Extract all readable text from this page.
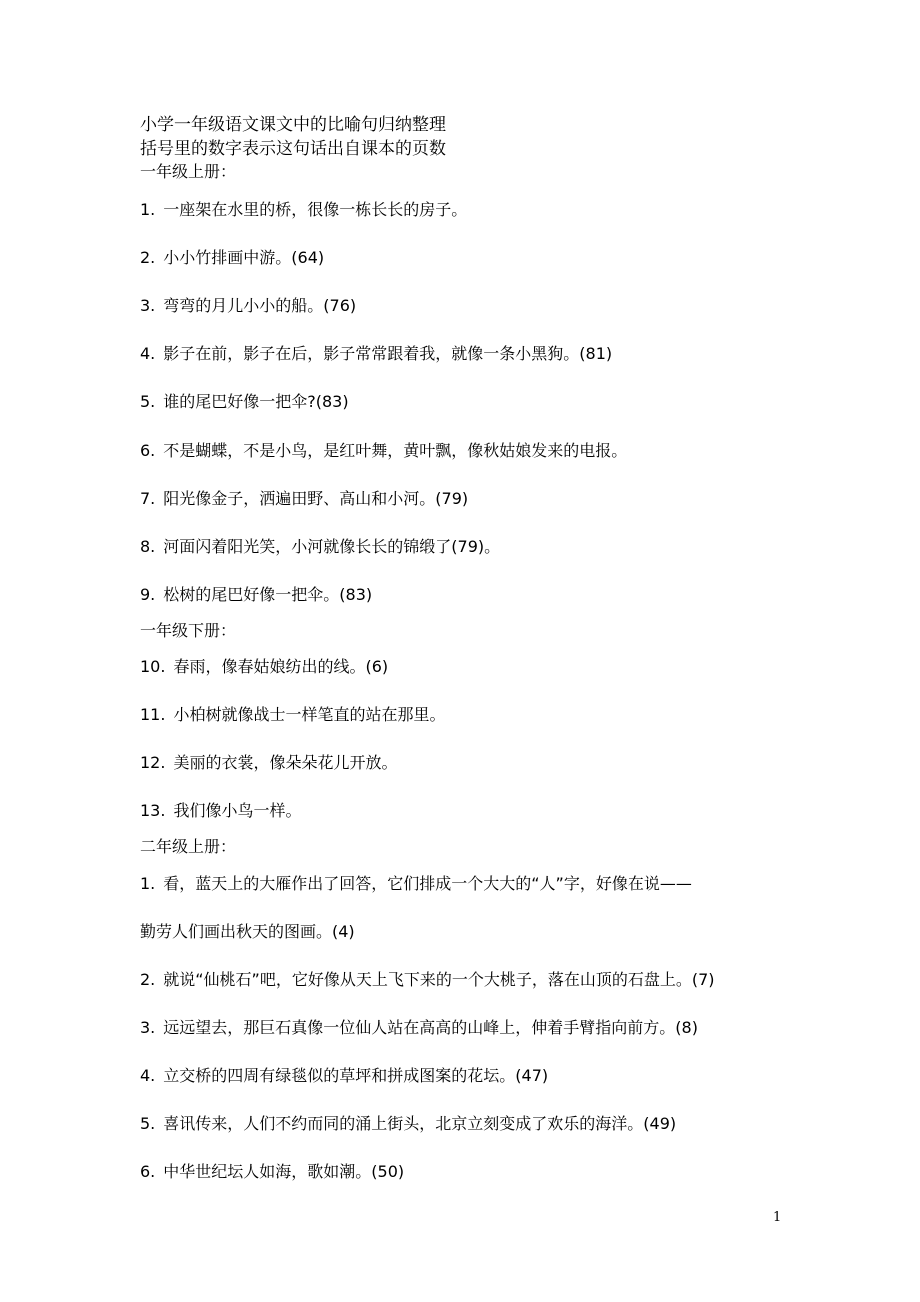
小学一年级语文课文中的比喻句归纳整理
括号里的数字表示这句话出自课本的页数
一年级上册：
1. 一座架在水里的桥，很像一栋长长的房子。
2. 小小竹排画中游。(64)
3. 弯弯的月儿小小的船。(76)
4. 影子在前，影子在后，影子常常跟着我，就像一条小黑狗。(81)
5. 谁的尾巴好像一把伞?(83)
6. 不是蝴蝶，不是小鸟，是红叶舞，黄叶飘，像秋姑娘发来的电报。
7. 阳光像金子，洒遍田野、高山和小河。(79)
8. 河面闪着阳光笑，小河就像长长的锦缎了(79)。
9. 松树的尾巴好像一把伞。(83)
一年级下册：
10. 春雨，像春姑娘纺出的线。(6)
11. 小柏树就像战士一样笔直的站在那里。
12. 美丽的衣裳，像朵朵花儿开放。
13. 我们像小鸟一样。
二年级上册：
1. 看，蓝天上的大雁作出了回答，它们排成一个大大的“人”字，好像在说——
勤劳人们画出秋天的图画。(4)
2. 就说“仙桃石”吧，它好像从天上飞下来的一个大桃子，落在山顶的石盘上。(7)
3. 远远望去，那巨石真像一位仙人站在高高的山峰上，伸着手臂指向前方。(8)
4. 立交桥的四周有绿毯似的草坪和拼成图案的花坛。(47)
5. 喜讯传来，人们不约而同的涌上街头，北京立刻变成了欢乐的海洋。(49)
6. 中华世纪坛人如海，歌如潮。(50)
1
